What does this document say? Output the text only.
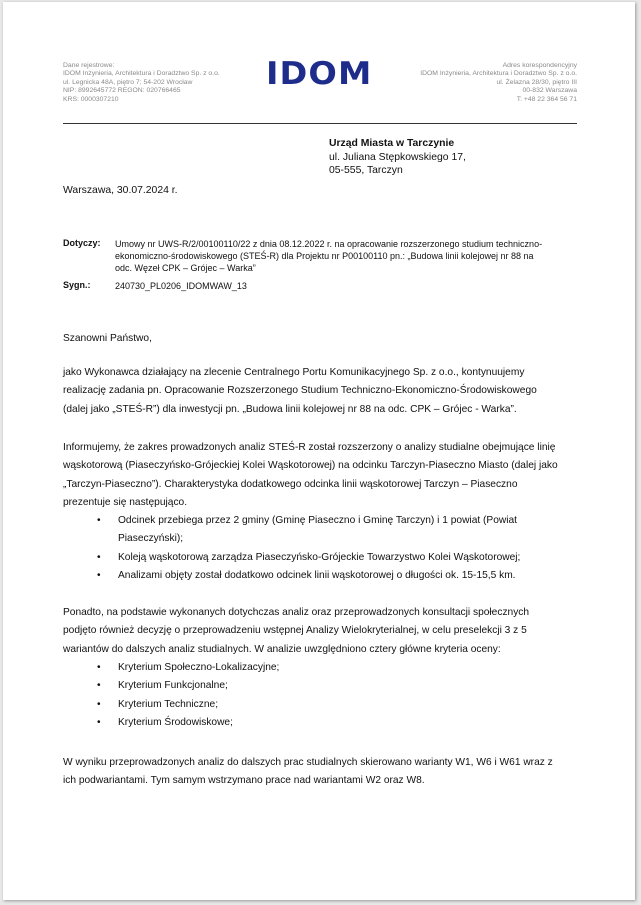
Dane rejestrowe:
IDOM Inżynieria, Architektura i Doradztwo Sp. z o.o.
ul. Legnicka 48A, piętro 7; 54-202 Wrocław
NIP: 8992645772 REGON: 020766465
KRS: 0000307210
IDOM	Adres korespondencyjny
IDOM Inżynieria, Architektura i Doradztwo Sp. z o.o.
ul. Żelazna 28/30, piętro III
00-832 Warszawa
T: +48 22 364 56 71
Urząd Miasta w Tarczynie
ul. Juliana Stępkowskiego 17,
05-555, Tarczyn
Warszawa, 30.07.2024 r.
Dotyczy: Umowy nr UWS-R/2/00100110/22 z dnia 08.12.2022 r. na opracowanie rozszerzonego studium techniczno-
ekonomiczno-środowiskowego (STEŚ-R) dla Projektu nr P00100110 pn.: „Budowa linii kolejowej nr 88 na
odc. Węzeł CPK – Grójec – Warka”
Sygn.:	240730_PL0206_IDOMWAW_13
Szanowni Państwo,
jako Wykonawca działający na zlecenie Centralnego Portu Komunikacyjnego Sp. z o.o., kontynuujemy
realizację zadania pn. Opracowanie Rozszerzonego Studium Techniczno-Ekonomiczno-Środowiskowego
(dalej jako „STEŚ-R”) dla inwestycji pn. „Budowa linii kolejowej nr 88 na odc. CPK – Grójec - Warka”.
Informujemy, że zakres prowadzonych analiz STEŚ-R został rozszerzony o analizy studialne obejmujące linię
wąskotorową (Piaseczyńsko-Grójeckiej Kolei Wąskotorowej) na odcinku Tarczyn-Piaseczno Miasto (dalej jako
„Tarczyn-Piaseczno”). Charakterystyka dodatkowego odcinka linii wąskotorowej Tarczyn – Piaseczno
prezentuje się następująco.
• Odcinek przebiega przez 2 gminy (Gminę Piaseczno i Gminę Tarczyn) i 1 powiat (Powiat
Piaseczyński);
• Koleją wąskotorową zarządza Piaseczyńsko-Grójeckie Towarzystwo Kolei Wąskotorowej;
• Analizami objęty został dodatkowo odcinek linii wąskotorowej o długości ok. 15-15,5 km.
Ponadto, na podstawie wykonanych dotychczas analiz oraz przeprowadzonych konsultacji społecznych
podjęto również decyzję o przeprowadzeniu wstępnej Analizy Wielokryterialnej, w celu preselekcji 3 z 5
wariantów do dalszych analiz studialnych. W analizie uwzględniono cztery główne kryteria oceny:
• Kryterium Społeczno-Lokalizacyjne;
• Kryterium Funkcjonalne;
• Kryterium Techniczne;
• Kryterium Środowiskowe;
W wyniku przeprowadzonych analiz do dalszych prac studialnych skierowano warianty W1, W6 i W61 wraz z
ich podwariantami. Tym samym wstrzymano prace nad wariantami W2 oraz W8.
